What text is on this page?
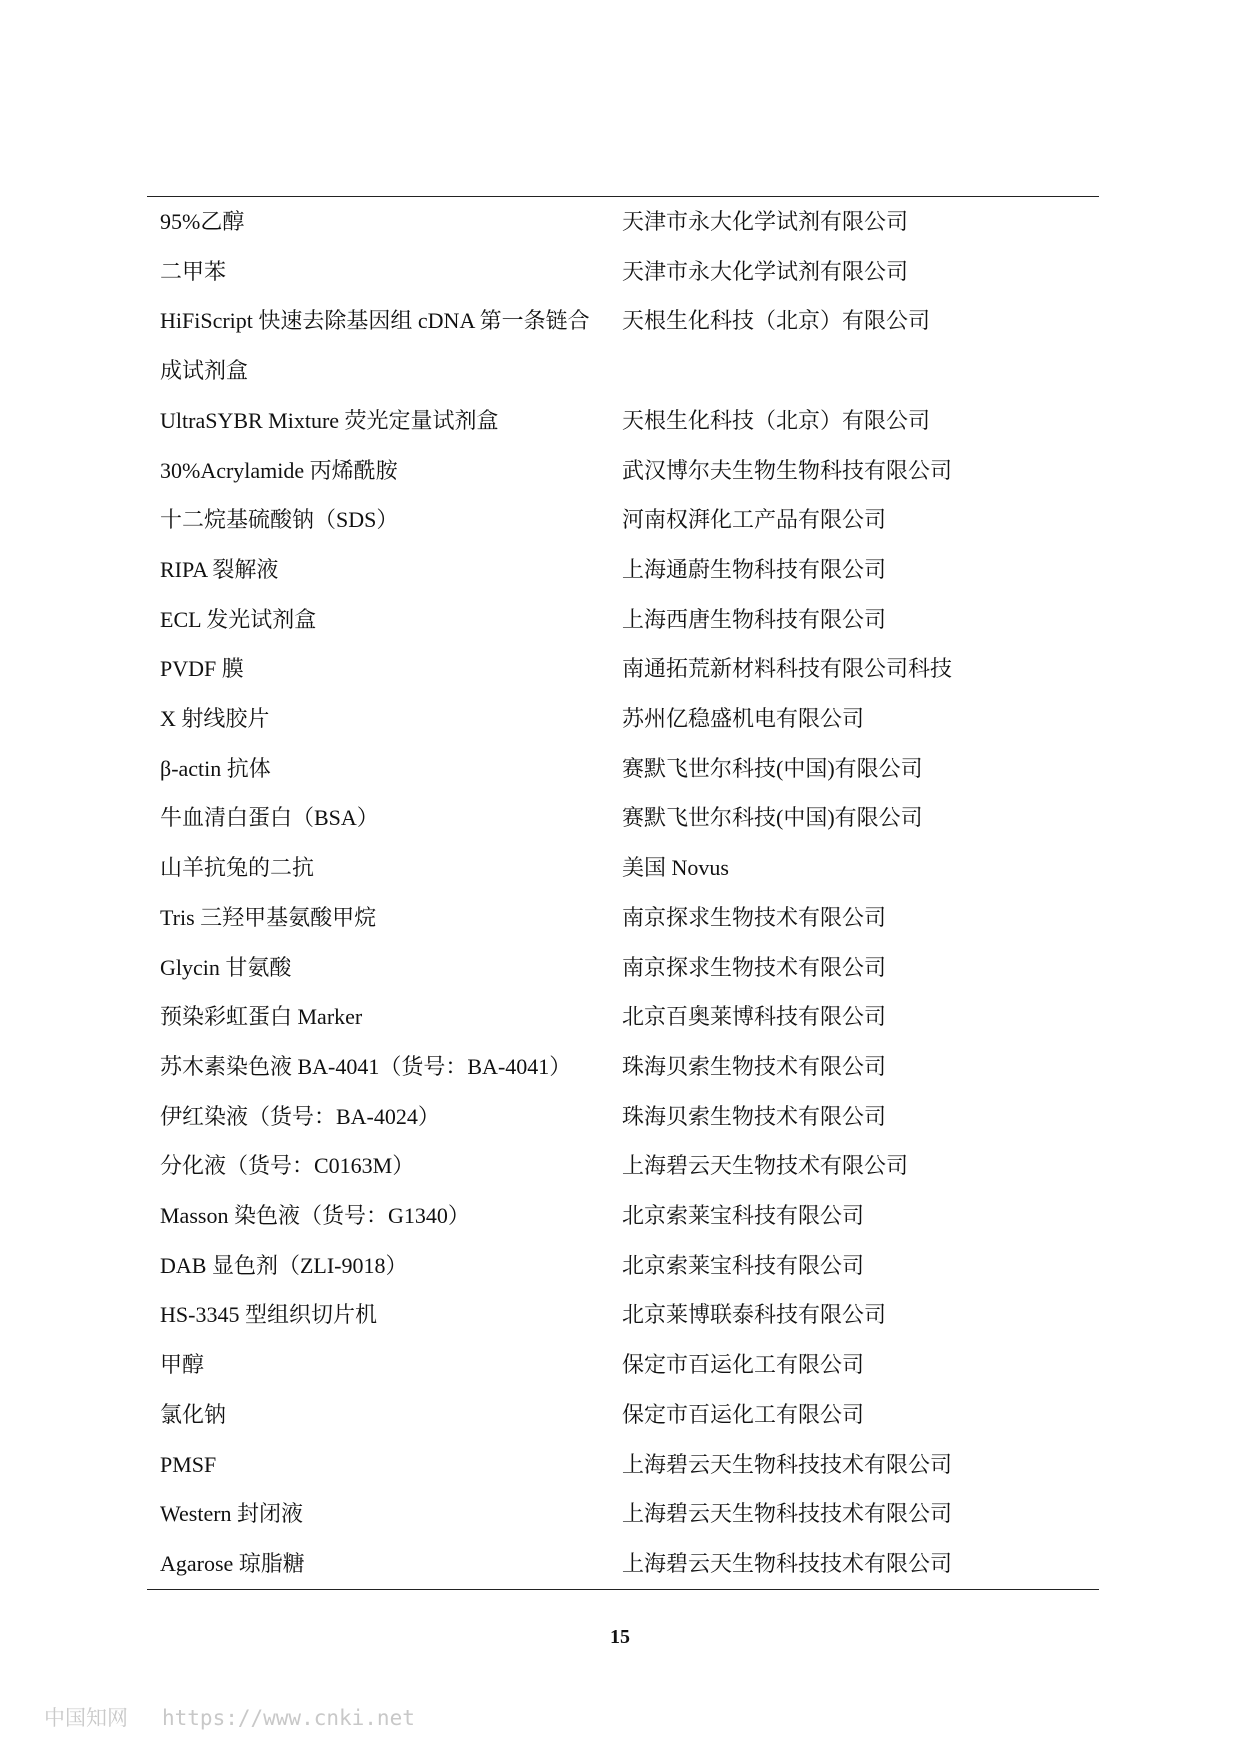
95%乙醇	天津市永大化学试剂有限公司
二甲苯	天津市永大化学试剂有限公司
HiFiScript 快速去除基因组 cDNA 第一条链合	天根生化科技（北京）有限公司
成试剂盒
UltraSYBR Mixture 荧光定量试剂盒	天根生化科技（北京）有限公司
30%Acrylamide 丙烯酰胺	武汉博尔夫生物生物科技有限公司
十二烷基硫酸钠（SDS）	河南权湃化工产品有限公司
RIPA 裂解液	上海通蔚生物科技有限公司
ECL 发光试剂盒	上海西唐生物科技有限公司
PVDF 膜	南通拓荒新材料科技有限公司科技
X 射线胶片	苏州亿稳盛机电有限公司
β-actin 抗体	赛默飞世尔科技(中国)有限公司
牛血清白蛋白（BSA）	赛默飞世尔科技(中国)有限公司
山羊抗兔的二抗	美国 Novus
Tris 三羟甲基氨酸甲烷	南京探求生物技术有限公司
Glycin 甘氨酸	南京探求生物技术有限公司
预染彩虹蛋白 Marker	北京百奥莱博科技有限公司
苏木素染色液 BA-4041（货号：BA-4041）	珠海贝索生物技术有限公司
伊红染液（货号：BA-4024）	珠海贝索生物技术有限公司
分化液（货号：C0163M）	上海碧云天生物技术有限公司
Masson 染色液（货号：G1340）	北京索莱宝科技有限公司
DAB 显色剂（ZLI-9018）	北京索莱宝科技有限公司
HS-3345 型组织切片机	北京莱博联泰科技有限公司
甲醇	保定市百运化工有限公司
氯化钠	保定市百运化工有限公司
PMSF	上海碧云天生物科技技术有限公司
Western 封闭液	上海碧云天生物科技技术有限公司
Agarose 琼脂糖	上海碧云天生物科技技术有限公司
15
中国知网 https://www.cnki.net
